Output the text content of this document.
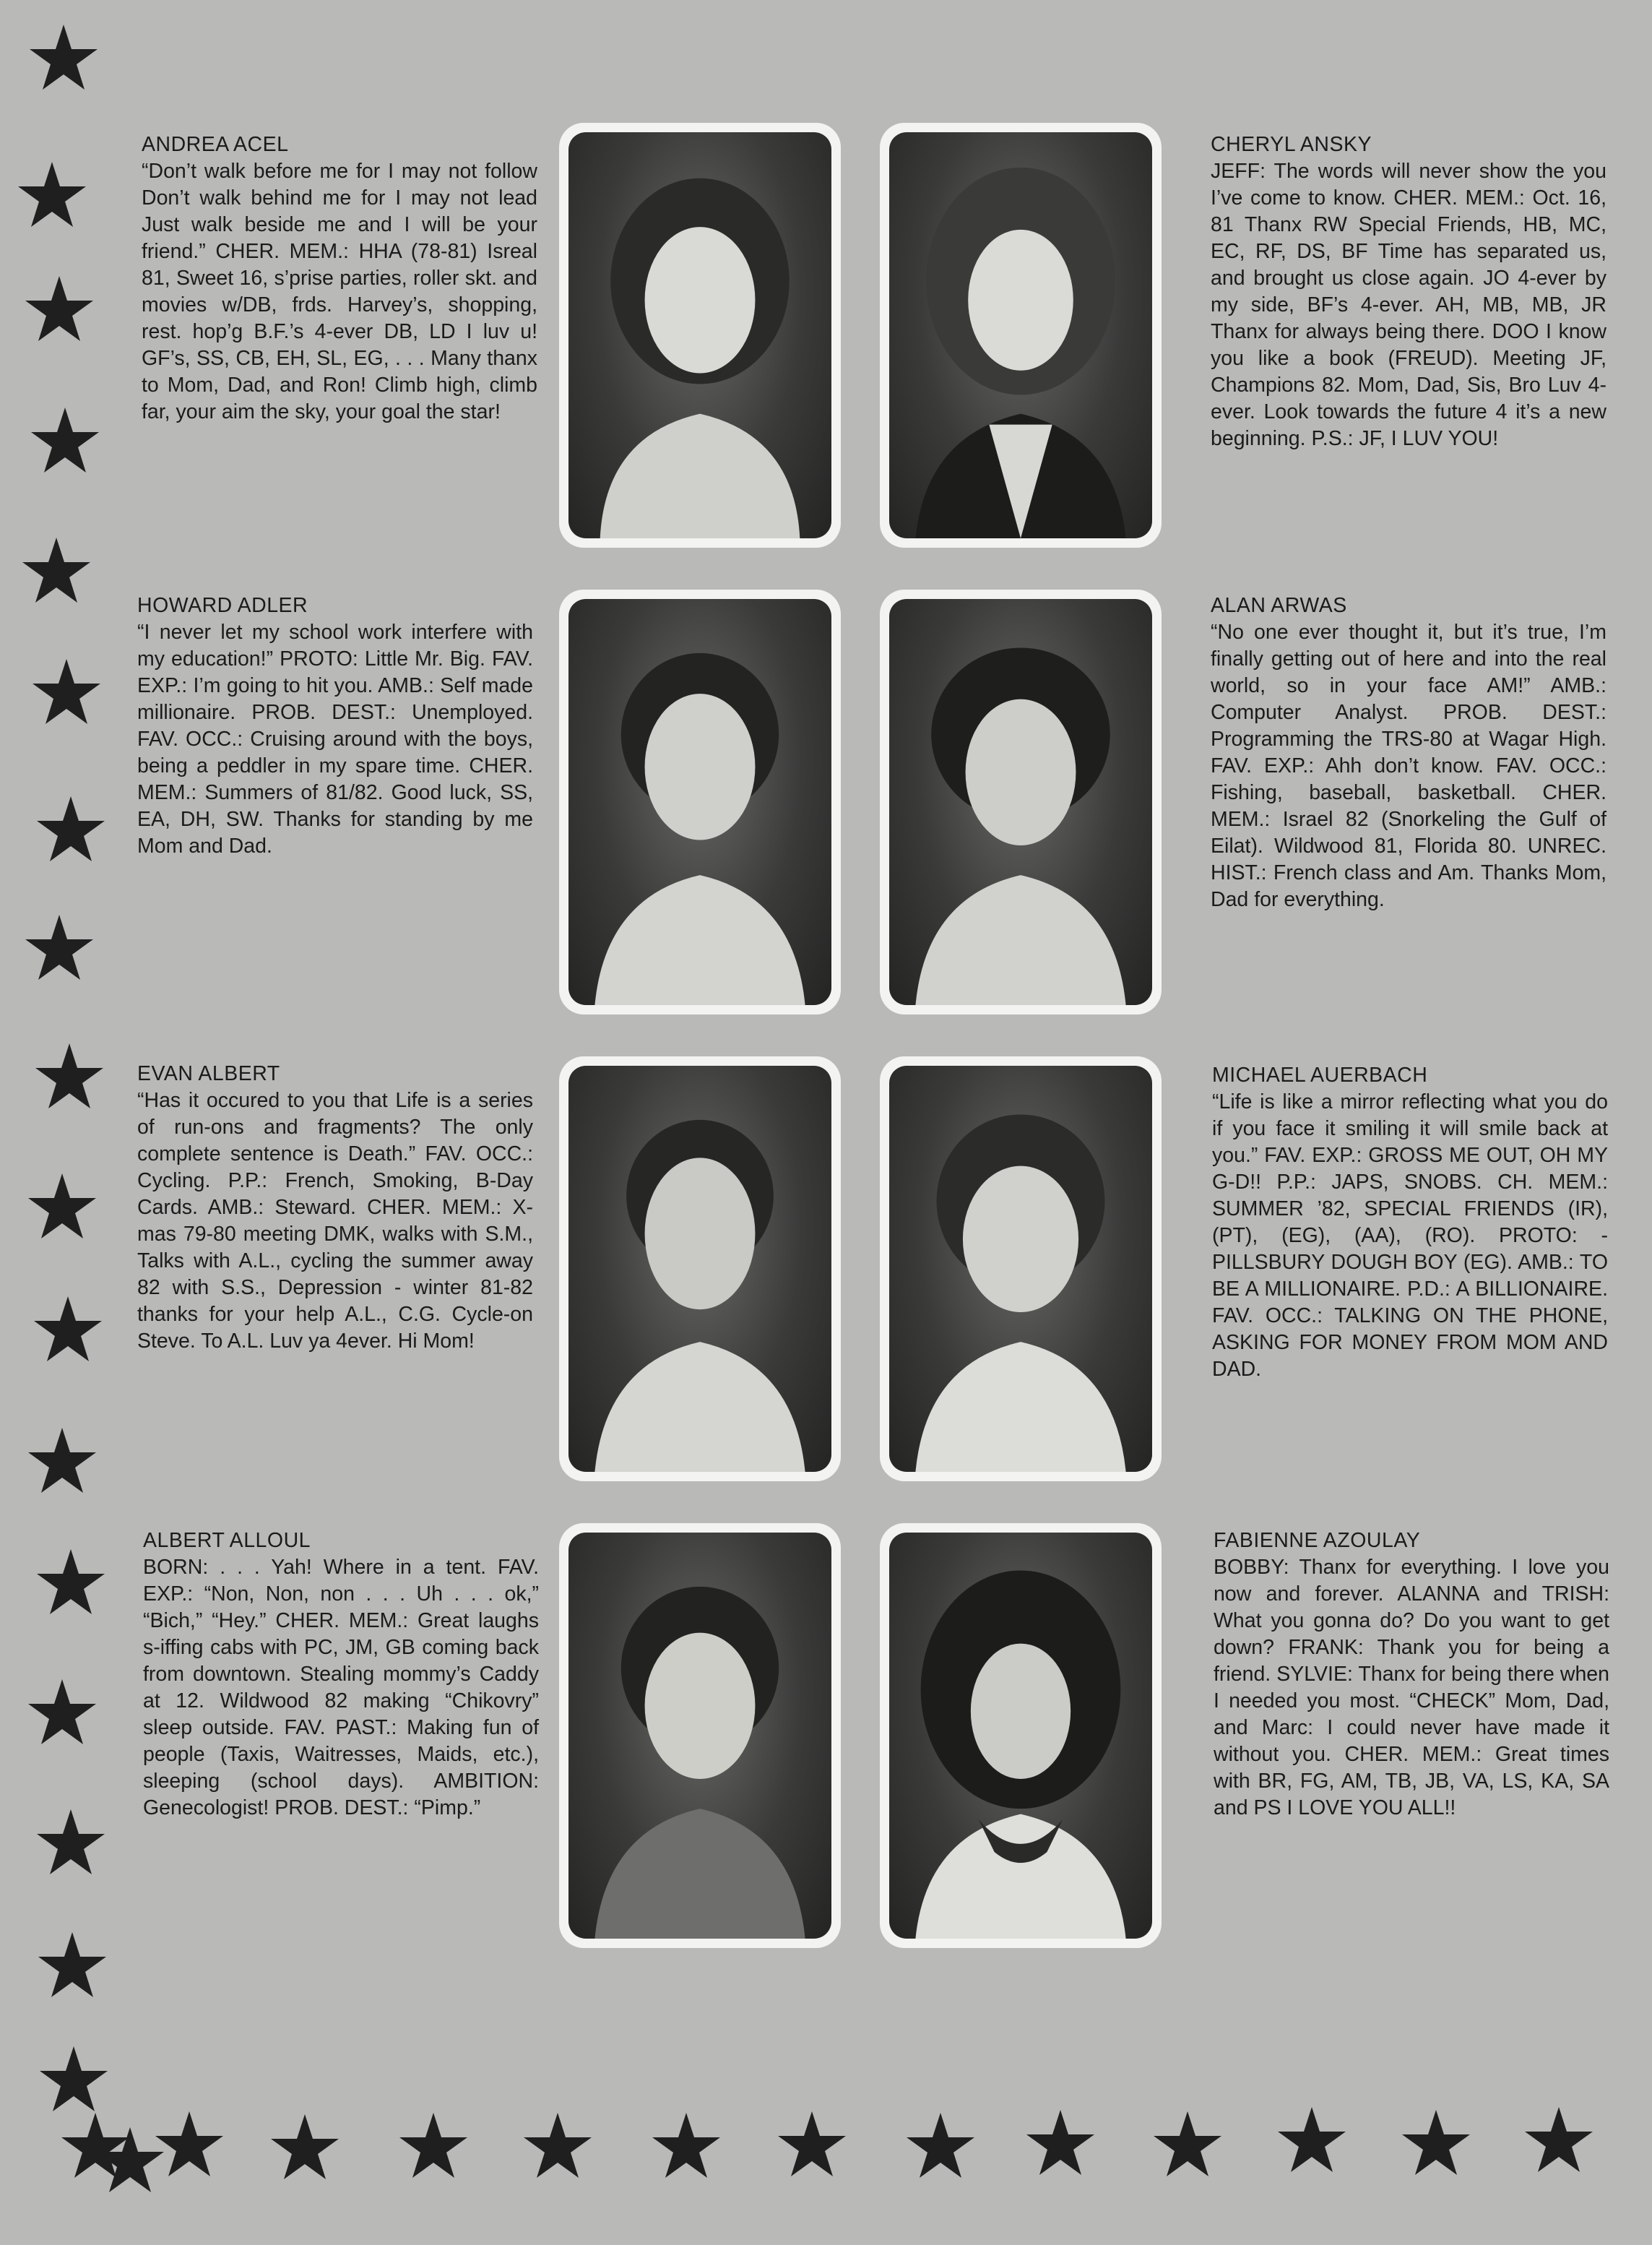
ANDREA ACEL
“Don’t walk before me for I may not follow Don’t walk behind me for I may not lead Just walk beside me and I will be your friend.” CHER. MEM.: HHA (78-81) Isreal 81, Sweet 16, s’prise parties, roller skt. and movies w/DB, frds. Harvey’s, shopping, rest. hop’g B.F.’s 4-ever DB, LD I luv u! GF’s, SS, CB, EH, SL, EG, . . . Many thanx to Mom, Dad, and Ron! Climb high, climb far, your aim the sky, your goal the star!
CHERYL ANSKY
JEFF: The words will never show the you I’ve come to know. CHER. MEM.: Oct. 16, 81 Thanx RW Special Friends, HB, MC, EC, RF, DS, BF Time has separated us, and brought us close again. JO 4-ever by my side, BF’s 4-ever. AH, MB, MB, JR Thanx for always being there. DOO I know you like a book (FREUD). Meeting JF, Champions 82. Mom, Dad, Sis, Bro Luv 4-ever. Look towards the future 4 it’s a new beginning. P.S.: JF, I LUV YOU!
HOWARD ADLER
“I never let my school work interfere with my education!” PROTO: Little Mr. Big. FAV. EXP.: I’m going to hit you. AMB.: Self made millionaire. PROB. DEST.: Unemployed. FAV. OCC.: Cruising around with the boys, being a peddler in my spare time. CHER. MEM.: Summers of 81/82. Good luck, SS, EA, DH, SW. Thanks for standing by me Mom and Dad.
ALAN ARWAS
“No one ever thought it, but it’s true, I’m finally getting out of here and into the real world, so in your face AM!” AMB.: Computer Analyst. PROB. DEST.: Programming the TRS-80 at Wagar High. FAV. EXP.: Ahh don’t know. FAV. OCC.: Fishing, baseball, basketball. CHER. MEM.: Israel 82 (Snorkeling the Gulf of Eilat). Wildwood 81, Florida 80. UNREC. HIST.: French class and Am. Thanks Mom, Dad for everything.
EVAN ALBERT
“Has it occured to you that Life is a series of run-ons and fragments? The only complete sentence is Death.” FAV. OCC.: Cycling. P.P.: French, Smoking, B-Day Cards. AMB.: Steward. CHER. MEM.: X-mas 79-80 meeting DMK, walks with S.M., Talks with A.L., cycling the summer away 82 with S.S., Depression - winter 81-82 thanks for your help A.L., C.G. Cycle-on Steve. To A.L. Luv ya 4ever. Hi Mom!
MICHAEL AUERBACH
“Life is like a mirror reflecting what you do if you face it smiling it will smile back at you.” FAV. EXP.: GROSS ME OUT, OH MY G-D!! P.P.: JAPS, SNOBS. CH. MEM.: SUMMER ’82, SPECIAL FRIENDS (IR), (PT), (EG), (AA), (RO). PROTO: - PILLSBURY DOUGH BOY (EG). AMB.: TO BE A MILLIONAIRE. P.D.: A BILLIONAIRE. FAV. OCC.: TALKING ON THE PHONE, ASKING FOR MONEY FROM MOM AND DAD.
ALBERT ALLOUL
BORN: . . . Yah! Where in a tent. FAV. EXP.: “Non, Non, non . . . Uh . . . ok,” “Bich,” “Hey.” CHER. MEM.: Great laughs s-iffing cabs with PC, JM, GB coming back from downtown. Stealing mommy’s Caddy at 12. Wildwood 82 making “Chikovry” sleep outside. FAV. PAST.: Making fun of people (Taxis, Waitresses, Maids, etc.), sleeping (school days). AMBITION: Genecologist! PROB. DEST.: “Pimp.”
FABIENNE AZOULAY
BOBBY: Thanx for everything. I love you now and forever. ALANNA and TRISH: What you gonna do? Do you want to get down? FRANK: Thank you for being a friend. SYLVIE: Thanx for being there when I needed you most. “CHECK” Mom, Dad, and Marc: I could never have made it without you. CHER. MEM.: Great times with BR, FG, AM, TB, JB, VA, LS, KA, SA and PS I LOVE YOU ALL!!
